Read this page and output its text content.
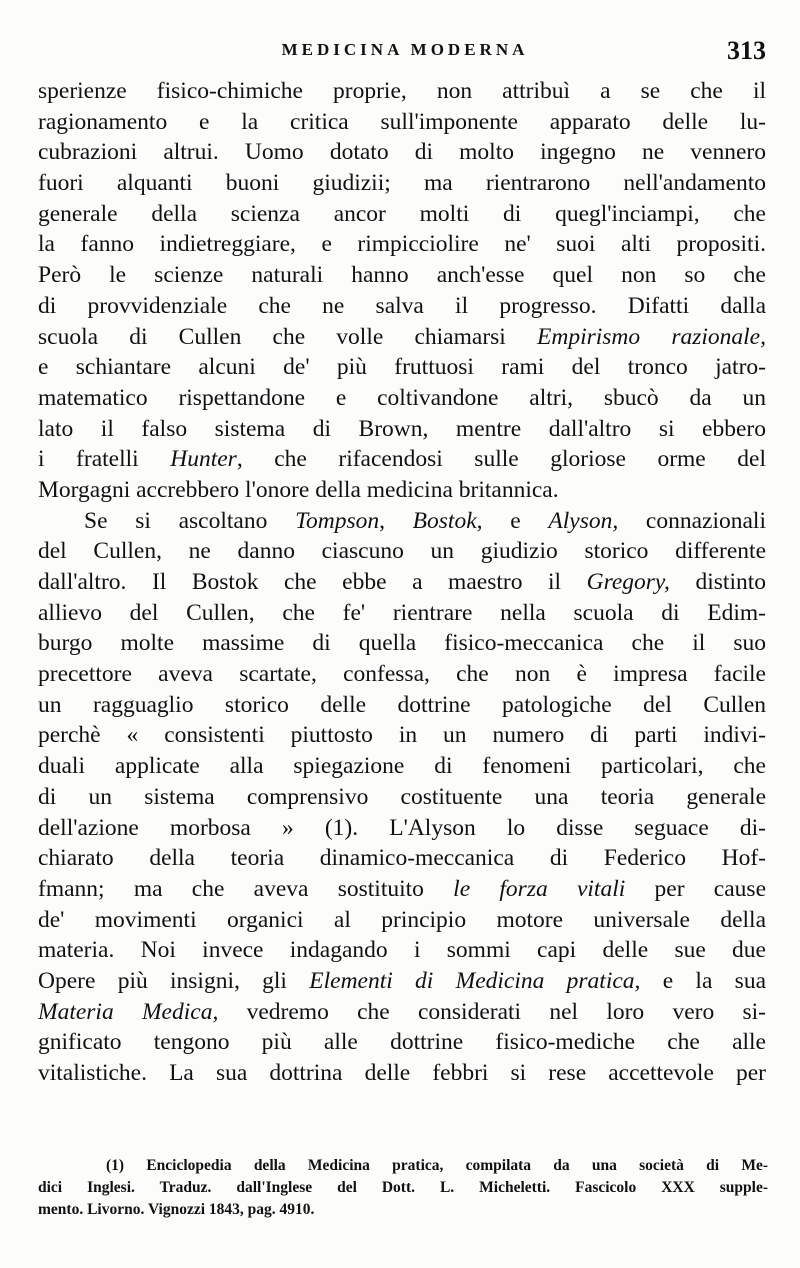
MEDICINA MODERNA	313
sperienze fisico-chimiche proprie, non attribuì a se che il
ragionamento e la critica sull'imponente apparato delle lu-
cubrazioni altrui. Uomo dotato di molto ingegno ne vennero
fuori alquanti buoni giudizii; ma rientrarono nell'andamento
generale della scienza ancor molti di quegl'inciampi, che
la fanno indietreggiare, e rimpicciolire ne' suoi alti propositi.
Però le scienze naturali hanno anch'esse quel non so che
di provvidenziale che ne salva il progresso. Difatti dalla
scuola di Cullen che volle chiamarsi Empirismo razionale,
e schiantare alcuni de' più fruttuosi rami del tronco jatro-
matematico rispettandone e coltivandone altri, sbucò da un
lato il falso sistema di Brown, mentre dall'altro si ebbero
i fratelli Hunter, che rifacendosi sulle gloriose orme del
Morgagni accrebbero l'onore della medicina britannica.
Se si ascoltano Tompson, Bostok, e Alyson, connazionali
del Cullen, ne danno ciascuno un giudizio storico differente
dall'altro. Il Bostok che ebbe a maestro il Gregory, distinto
allievo del Cullen, che fe' rientrare nella scuola di Edim-
burgo molte massime di quella fisico-meccanica che il suo
precettore aveva scartate, confessa, che non è impresa facile
un ragguaglio storico delle dottrine patologiche del Cullen
perchè « consistenti piuttosto in un numero di parti indivi-
duali applicate alla spiegazione di fenomeni particolari, che
di un sistema comprensivo costituente una teoria generale
dell'azione morbosa » (1). L'Alyson lo disse seguace di-
chiarato della teoria dinamico-meccanica di Federico Hof-
fmann; ma che aveva sostituito le forza vitali per cause
de' movimenti organici al principio motore universale della
materia. Noi invece indagando i sommi capi delle sue due
Opere più insigni, gli Elementi di Medicina pratica, e la sua
Materia Medica, vedremo che considerati nel loro vero si-
gnificato tengono più alle dottrine fisico-mediche che alle
vitalistiche. La sua dottrina delle febbri si rese accettevole per
(1) Enciclopedia della Medicina pratica, compilata da una società di Me-
dici Inglesi. Traduz. dall'Inglese del Dott. L. Micheletti. Fascicolo XXX supple-
mento. Livorno. Vignozzi 1843, pag. 4910.
